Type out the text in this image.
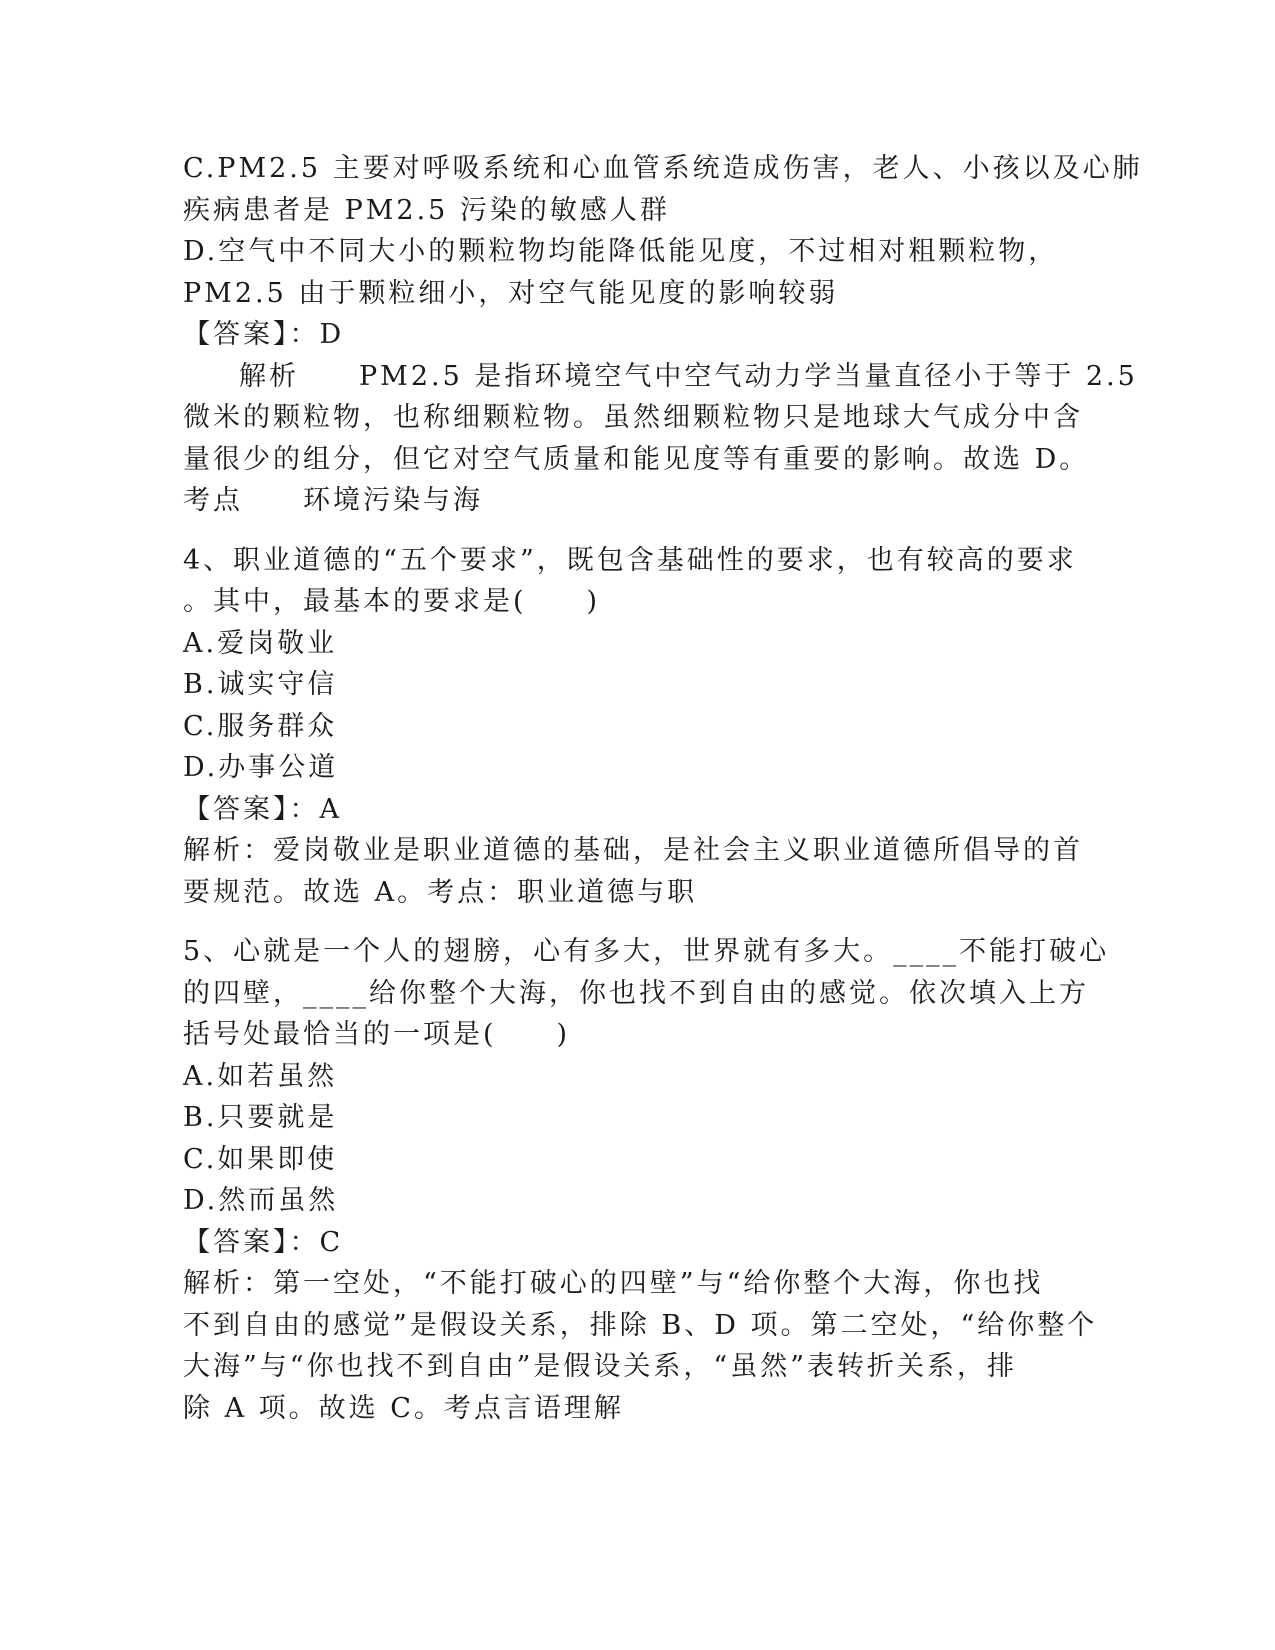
C.PM2.5 主要对呼吸系统和心血管系统造成伤害，老人、小孩以及心肺
疾病患者是 PM2.5 污染的敏感人群
D.空气中不同大小的颗粒物均能降低能见度，不过相对粗颗粒物，
PM2.5 由于颗粒细小，对空气能见度的影响较弱
【答案】：D
解析　　PM2.5 是指环境空气中空气动力学当量直径小于等于 2.5
微米的颗粒物，也称细颗粒物。虽然细颗粒物只是地球大气成分中含
量很少的组分，但它对空气质量和能见度等有重要的影响。故选 D。
考点　　环境污染与海
4、职业道德的“五个要求”，既包含基础性的要求，也有较高的要求
。其中，最基本的要求是(　　)
A.爱岗敬业
B.诚实守信
C.服务群众
D.办事公道
【答案】：A
解析：爱岗敬业是职业道德的基础，是社会主义职业道德所倡导的首
要规范。故选 A。考点：职业道德与职
5、心就是一个人的翅膀，心有多大，世界就有多大。____不能打破心
的四壁，____给你整个大海，你也找不到自由的感觉。依次填入上方
括号处最恰当的一项是(　　)
A.如若虽然
B.只要就是
C.如果即使
D.然而虽然
【答案】：C
解析：第一空处，“不能打破心的四壁”与“给你整个大海，你也找
不到自由的感觉”是假设关系，排除 B、D 项。第二空处，“给你整个
大海”与“你也找不到自由”是假设关系，“虽然”表转折关系，排
除 A 项。故选 C。考点言语理解
